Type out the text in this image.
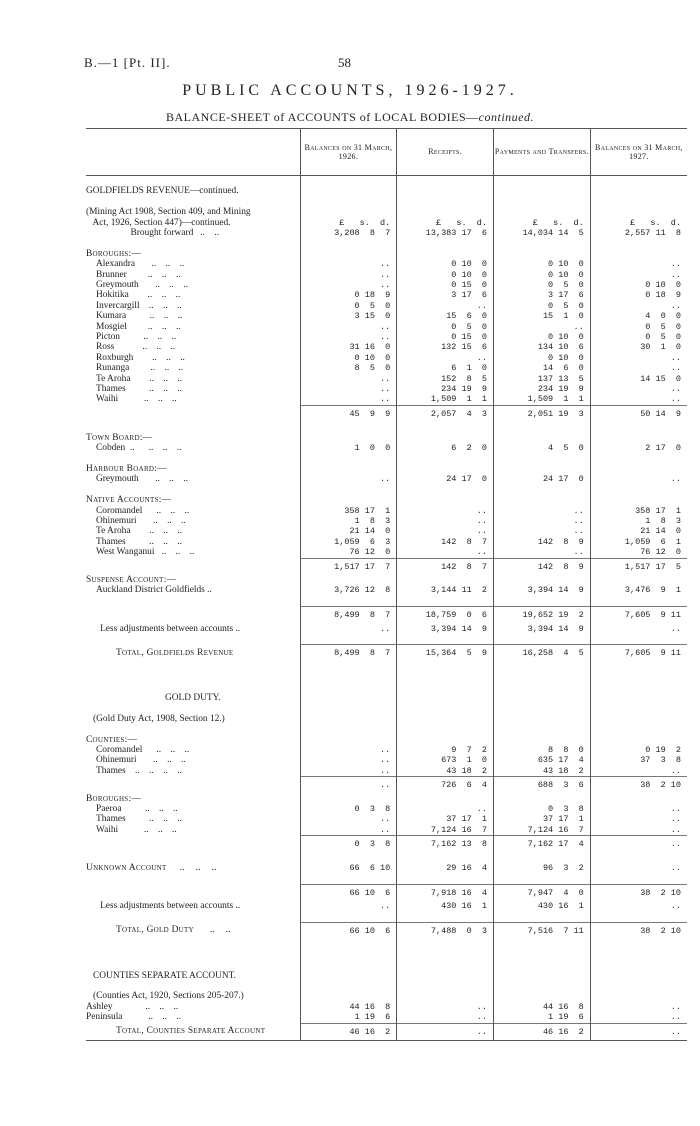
B.—1 [Pt. II].	58
PUBLIC ACCOUNTS, 1926-1927.
BALANCE-SHEET of ACCOUNTS of LOCAL BODIES—continued.
	Balances on 31 March, 1926.	Receipts.	Payments and Transfers.	Balances on 31 March, 1927.

GOLDFIELDS REVENUE—continued.				

(Mining Act 1908, Section 409, and Mining				

Act, 1926, Section 447)—continued.	£   s.  d.	£   s.  d.	£   s.  d.	£   s.  d.

Brought forward   ..    ..	3,208  8  7	13,383 17  6	14,034 14  5	2,557 11  8

Boroughs:—				

Alexandra       ..    ..    ..	..	0 10  0	0 10  0	..

Brunner         ..    ..    ..	..	0 10  0	0 10  0	..

Greymouth       ..    ..    ..	..	0 15  0	0  5  0	0 10  0

Hokitika        ..    ..    ..	0 18  9	3 17  6	3 17  6	0 18  9

Invercargill    ..    ..    ..	0  5  0	..	0  5  0	..

Kumara          ..    ..    ..	3 15  0	15  6  0	15  1  0	4  0  0

Mosgiel         ..    ..    ..	..	0  5  0	..	0  5  0

Picton          ..    ..    ..	..	0 15  0	0 10  0	0  5  0

Ross            ..    ..    ..	31 16  0	132 15  6	134 10  6	30  1  0

Roxburgh        ..    ..    ..	0 10  0	..	0 10  0	..

Runanga         ..    ..    ..	8  5  0	6  1  0	14  6  0	..

Te Aroha        ..    ..    ..	..	152  8  5	137 13  5	14 15  0

Thames          ..    ..    ..	..	234 19  9	234 19  9	..

Waihi           ..    ..    ..	..	1,509  1  1	1,509  1  1	..

	45  9  9	2,057  4  3	2,051 19  3	50 14  9

Town Board:—				

Cobden  ..      ..    ..    ..	1  0  0	6  2  0	4  5  0	2 17  0

Harbour Board:—				

Greymouth       ..    ..    ..	..	24 17  0	24 17  0	..

Native Accounts:—				

Coromandel      ..    ..    ..	358 17  1	..	..	358 17  1

Ohinemuri       ..    ..    ..	1  8  3	..	..	1  8  3

Te Aroha        ..    ..    ..	21 14  0	..	..	21 14  0

Thames          ..    ..    ..	1,059  6  3	142  8  7	142  8  9	1,059  6  1

West Wanganui   ..    ..    ..	76 12  0	..	..	76 12  0

	1,517 17  7	142  8  7	142  8  9	1,517 17  5

Suspense Account:—				

Auckland District Goldfields ..	3,726 12  8	3,144 11  2	3,394 14  9	3,476  9  1

	8,499  8  7	18,759  0  6	19,652 19  2	7,605  9 11

Less adjustments between accounts ..	..	3,394 14  9	3,394 14  9	..

Total, Goldfields Revenue	8,499  8  7	15,364  5  9	16,258  4  5	7,605  9 11

GOLD DUTY.				

(Gold Duty Act, 1908, Section 12.)				

Counties:—				

Coromandel      ..    ..    ..	..	9  7  2	8  8  0	0 19  2

Ohinemuri       ..    ..    ..	..	673  1  0	635 17  4	37  3  8

Thames    ..    ..    ..    ..	..	43 18  2	43 18  2	..

	..	726  6  4	688  3  6	38  2 10

Boroughs:—				

Paeroa          ..    ..    ..	0  3  8	..	0  3  8	..

Thames          ..    ..    ..	..	37 17  1	37 17  1	..

Waihi           ..    ..    ..	..	7,124 16  7	7,124 16  7	..

	0  3  8	7,162 13  8	7,162 17  4	..

Unknown Account     ..    ..    ..	66  6 10	29 16  4	96  3  2	..

	66 10  6	7,918 16  4	7,947  4  0	38  2 10

Less adjustments between accounts ..	..	430 16  1	430 16  1	..

Total, Gold Duty      ..    ..	66 10  6	7,488  0  3	7,516  7 11	38  2 10

COUNTIES SEPARATE ACCOUNT.				

(Counties Act, 1920, Sections 205-207.)				

Ashley              ..    ..    ..	44 16  8	..	44 16  8	..

Peninsula           ..    ..    ..	1 19  6	..	1 19  6	..

Total, Counties Separate Account	46 16  2	..	46 16  2	..
